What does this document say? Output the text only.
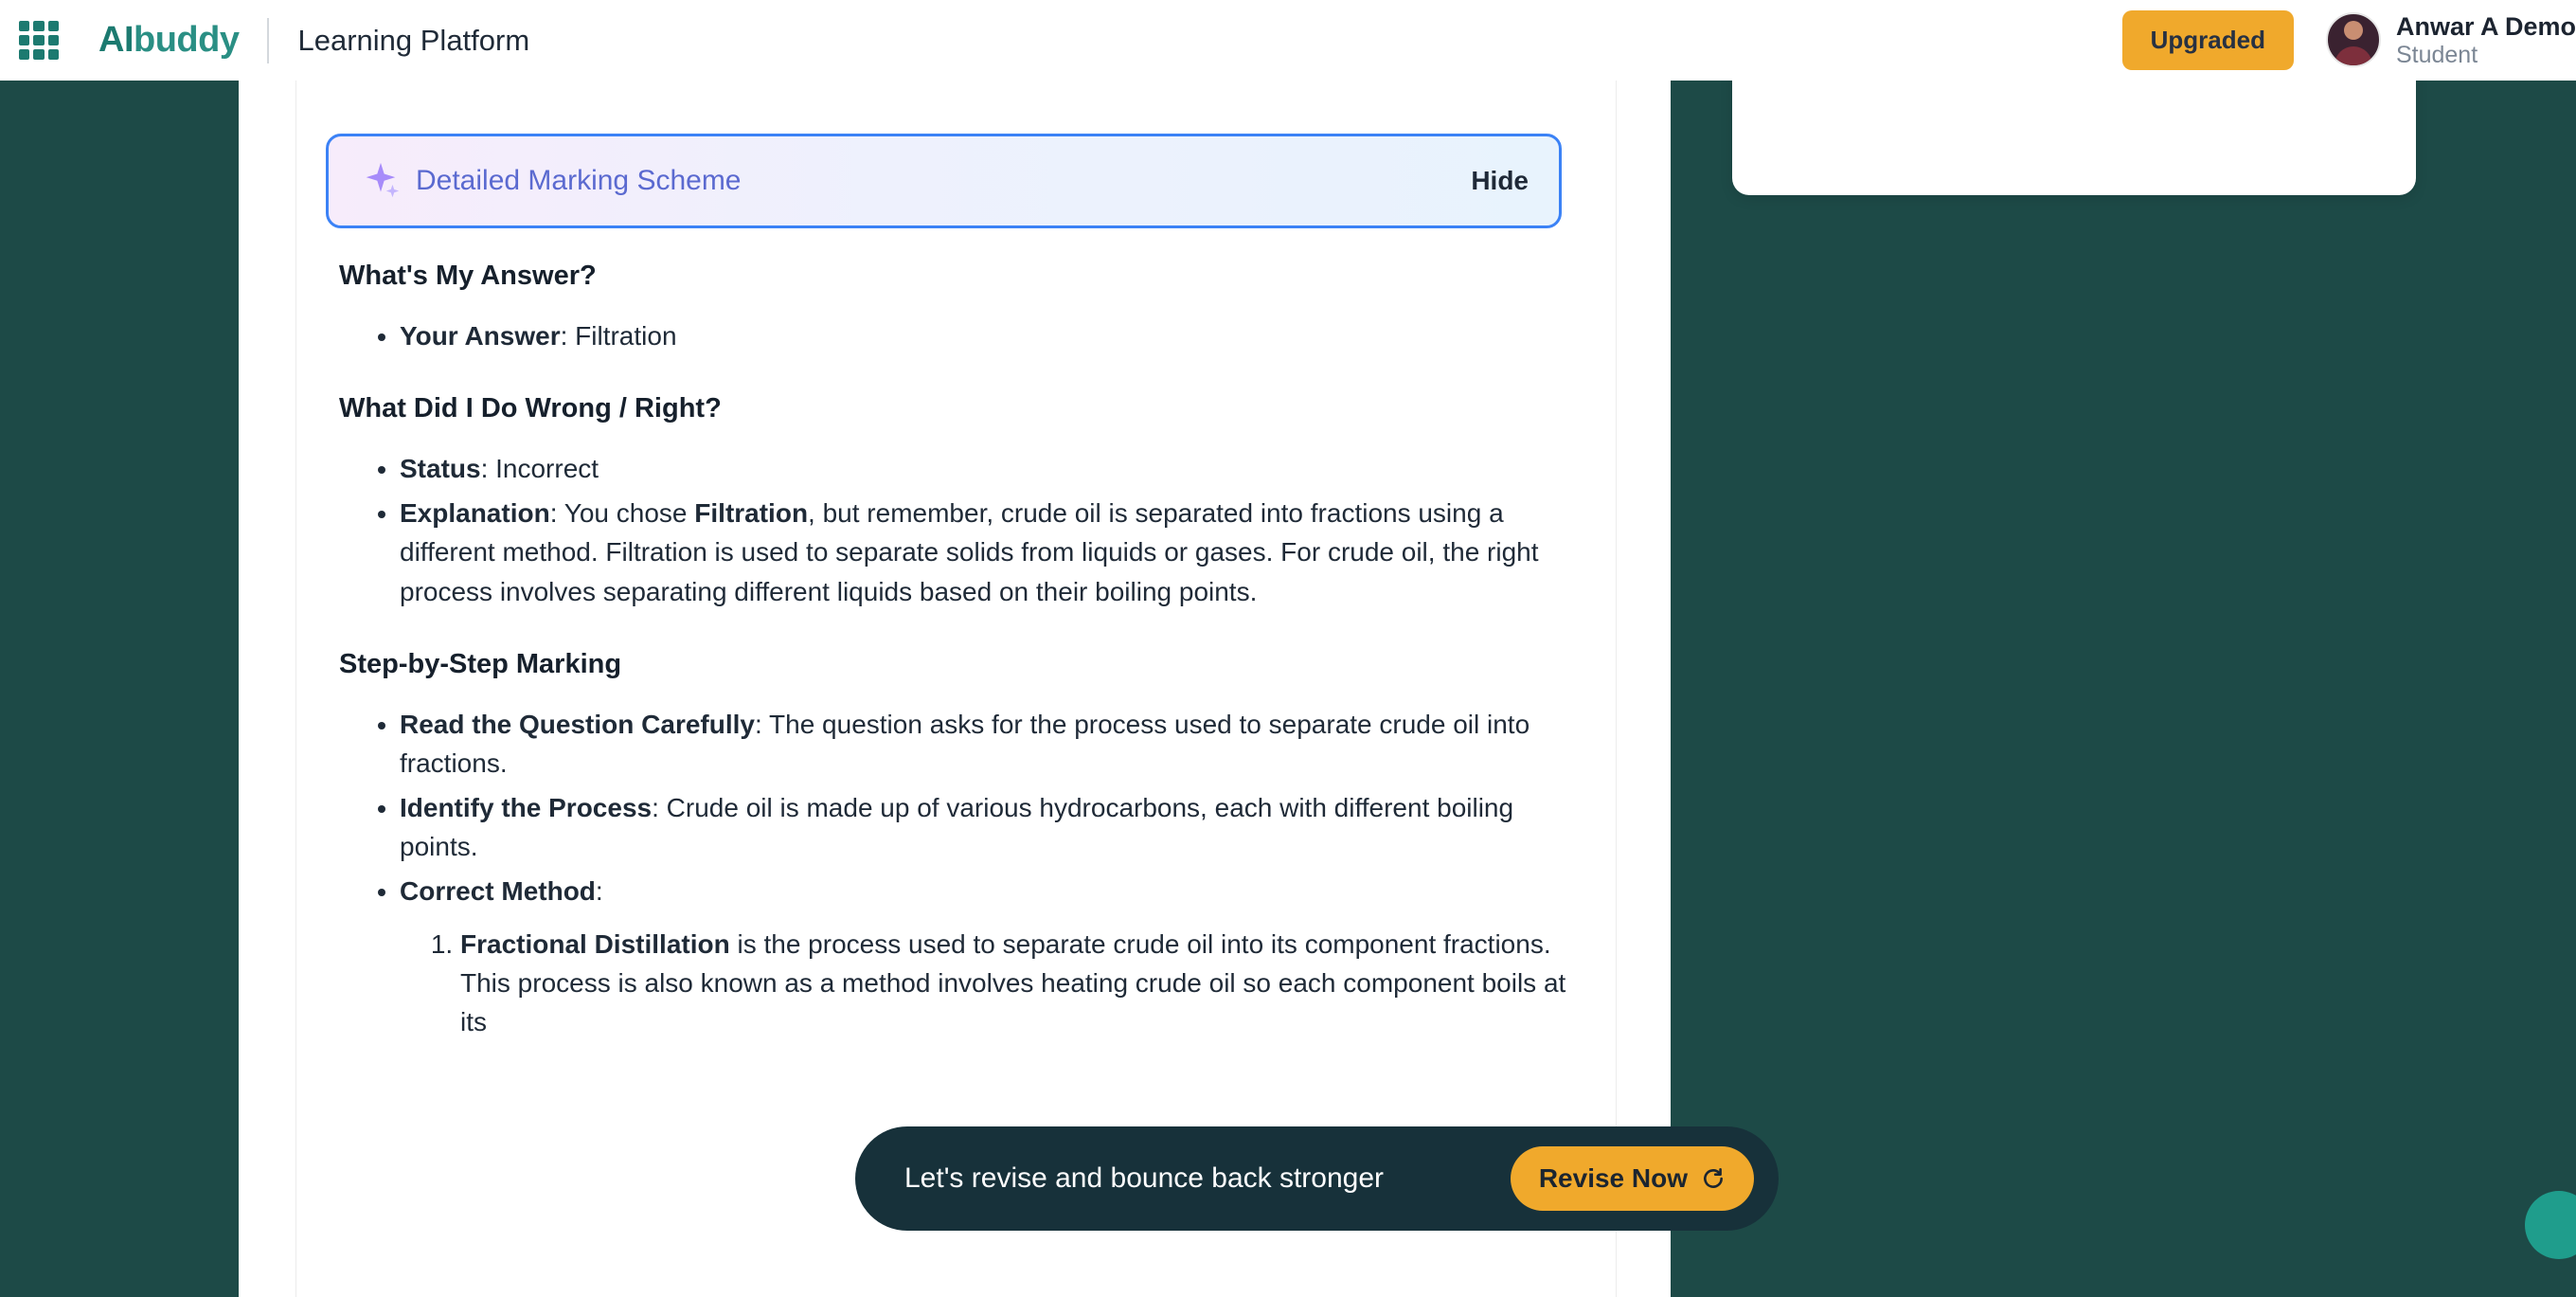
AIbuddy Learning Platform	Upgraded	Anwar A Demo
Student
Detailed Marking Scheme	Hide
What's My Answer?
• Your Answer: Filtration
What Did I Do Wrong / Right?
• Status: Incorrect
• Explanation: You chose Filtration, but remember, crude oil is separated into fractions using a different method. Filtration is used to separate solids from liquids or gases. For crude oil, the right process involves separating different liquids based on their boiling points.
Step-by-Step Marking
• Read the Question Carefully: The question asks for the process used to separate crude oil into fractions.
• Identify the Process: Crude oil is made up of various hydrocarbons, each with different boiling points.
• Correct Method:
1. Fractional Distillation is the process used to separate crude oil into its component fractions. This process is also known as a method involves heating crude oil so each component boils at its

Let's revise and bounce back stronger	Revise Now
